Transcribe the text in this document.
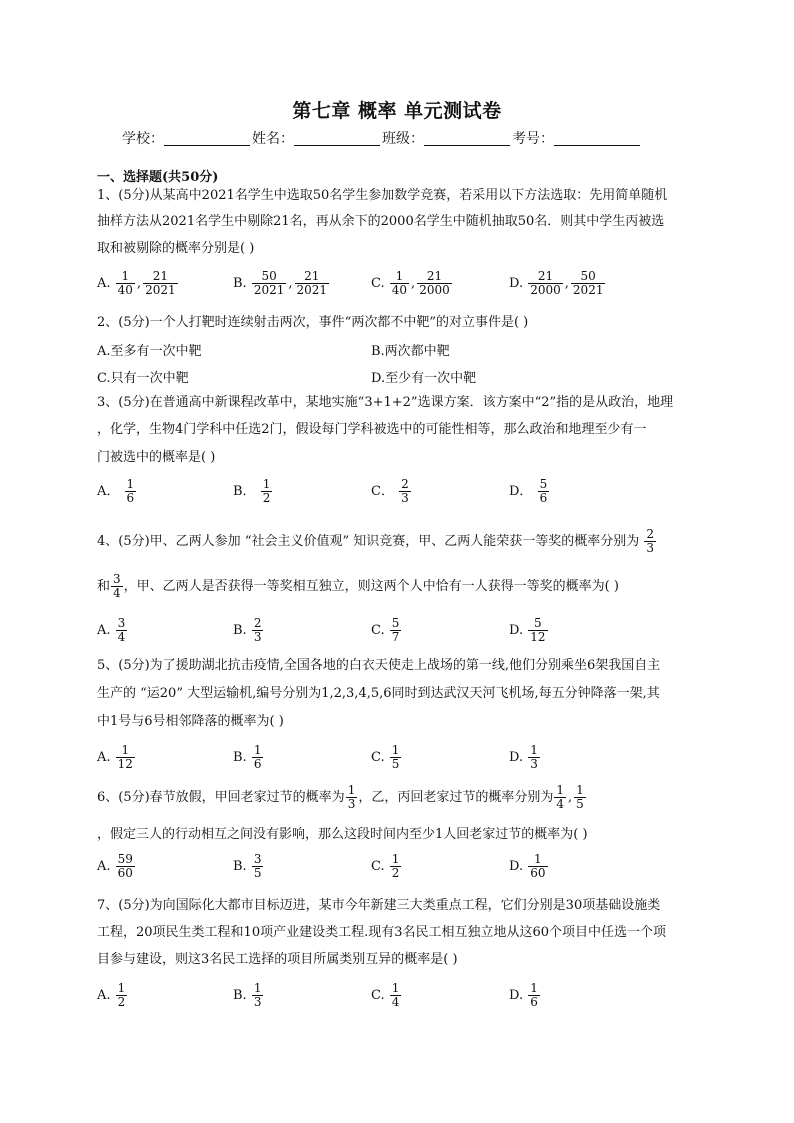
第七章 概率 单元测试卷
学校：	姓名：	班级：	考号：
一、选择题(共50分)
1、(5分)从某高中2021名学生中选取50名学生参加数学竞赛，若采用以下方法选取：先用简单随机
抽样方法从2021名学生中剔除21名，再从余下的2000名学生中随机抽取50名．则其中学生丙被选
取和被剔除的概率分别是( )
A. $\frac{1}{40}$ , $\frac{21}{2021}$	B. $\frac{50}{2021}$ , $\frac{21}{2021}$	C. $\frac{1}{40}$ , $\frac{21}{2000}$	D. $\frac{21}{2000}$ , $\frac{50}{2021}$
2、(5分)一个人打靶时连续射击两次，事件“两次都不中靶”的对立事件是( )
A.至多有一次中靶	B.两次都中靶
C.只有一次中靶	D.至少有一次中靶
3、(5分)在普通高中新课程改革中，某地实施“3+1+2”选课方案．该方案中“2”指的是从政治，地理
，化学，生物4门学科中任选2门，假设每门学科被选中的可能性相等，那么政治和地理至少有一
门被选中的概率是( )
A． $\frac{1}{6}$	B． $\frac{1}{2}$	C． $\frac{2}{3}$	D． $\frac{5}{6}$
4、(5分)甲、乙两人参加 “社会主义价值观” 知识竞赛，甲、乙两人能荣获一等奖的概率分别为 $\frac{2}{3}$
和 $\frac{3}{4}$ ，甲、乙两人是否获得一等奖相互独立，则这两个人中恰有一人获得一等奖的概率为( )
A. $\frac{3}{4}$	B. $\frac{2}{3}$	C. $\frac{5}{7}$	D. $\frac{5}{12}$
5、(5分)为了援助湖北抗击疫情,全国各地的白衣天使走上战场的第一线,他们分别乘坐6架我国自主
生产的 “运20” 大型运输机,编号分别为1,2,3,4,5,6同时到达武汉天河飞机场,每五分钟降落一架,其
中1号与6号相邻降落的概率为( )
A. $\frac{1}{12}$	B. $\frac{1}{6}$	C. $\frac{1}{5}$	D. $\frac{1}{3}$
6、(5分)春节放假，甲回老家过节的概率为 $\frac{1}{3}$ ，乙，丙回老家过节的概率分别为 $\frac{1}{4}$ , $\frac{1}{5}$
，假定三人的行动相互之间没有影响，那么这段时间内至少1人回老家过节的概率为( )
A. $\frac{59}{60}$	B. $\frac{3}{5}$	C. $\frac{1}{2}$	D. $\frac{1}{60}$
7、(5分)为向国际化大都市目标迈进，某市今年新建三大类重点工程，它们分别是30项基础设施类
工程，20项民生类工程和10项产业建设类工程.现有3名民工相互独立地从这60个项目中任选一个项
目参与建设，则这3名民工选择的项目所属类别互异的概率是( )
A. $\frac{1}{2}$	B. $\frac{1}{3}$	C. $\frac{1}{4}$	D. $\frac{1}{6}$
